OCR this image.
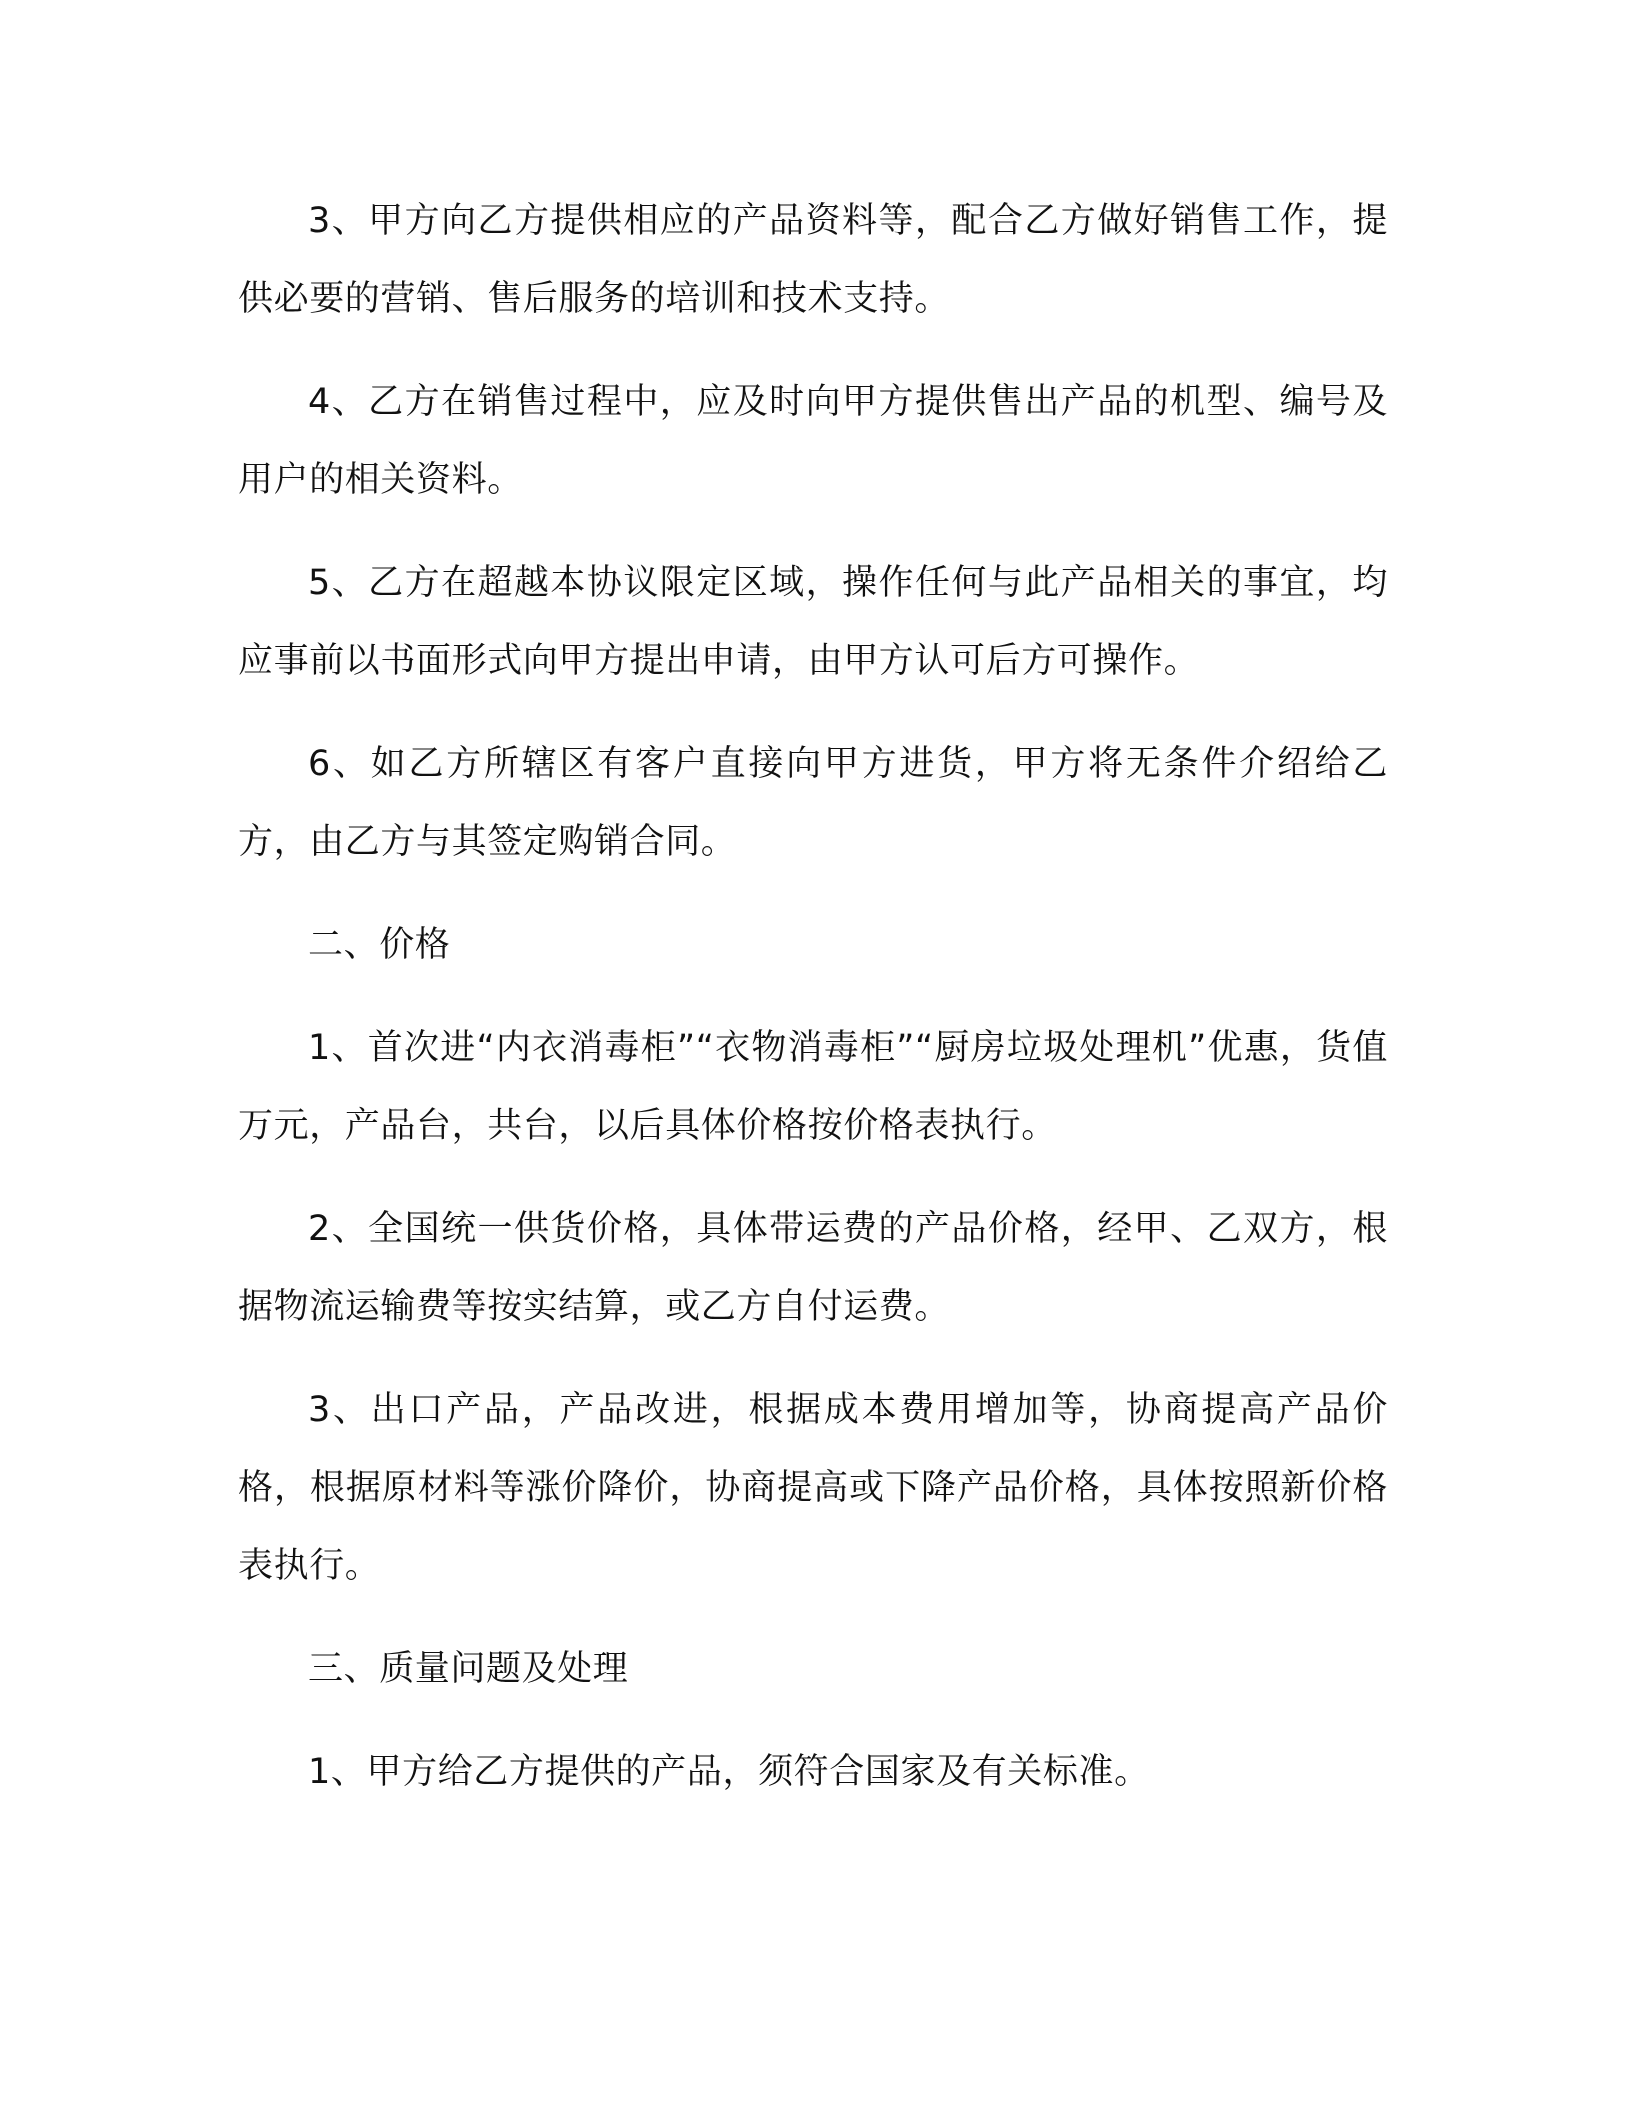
3、甲方向乙方提供相应的产品资料等，配合乙方做好销售工作，提供必要的营销、售后服务的培训和技术支持。

4、乙方在销售过程中，应及时向甲方提供售出产品的机型、编号及用户的相关资料。

5、乙方在超越本协议限定区域，操作任何与此产品相关的事宜，均应事前以书面形式向甲方提出申请，由甲方认可后方可操作。

6、如乙方所辖区有客户直接向甲方进货，甲方将无条件介绍给乙方，由乙方与其签定购销合同。

二、价格

1、首次进“内衣消毒柜”“衣物消毒柜”“厨房垃圾处理机”优惠，货值万元，产品台，共台，以后具体价格按价格表执行。

2、全国统一供货价格，具体带运费的产品价格，经甲、乙双方，根据物流运输费等按实结算，或乙方自付运费。

3、出口产品，产品改进，根据成本费用增加等，协商提高产品价格，根据原材料等涨价降价，协商提高或下降产品价格，具体按照新价格表执行。

三、质量问题及处理

1、甲方给乙方提供的产品，须符合国家及有关标准。
